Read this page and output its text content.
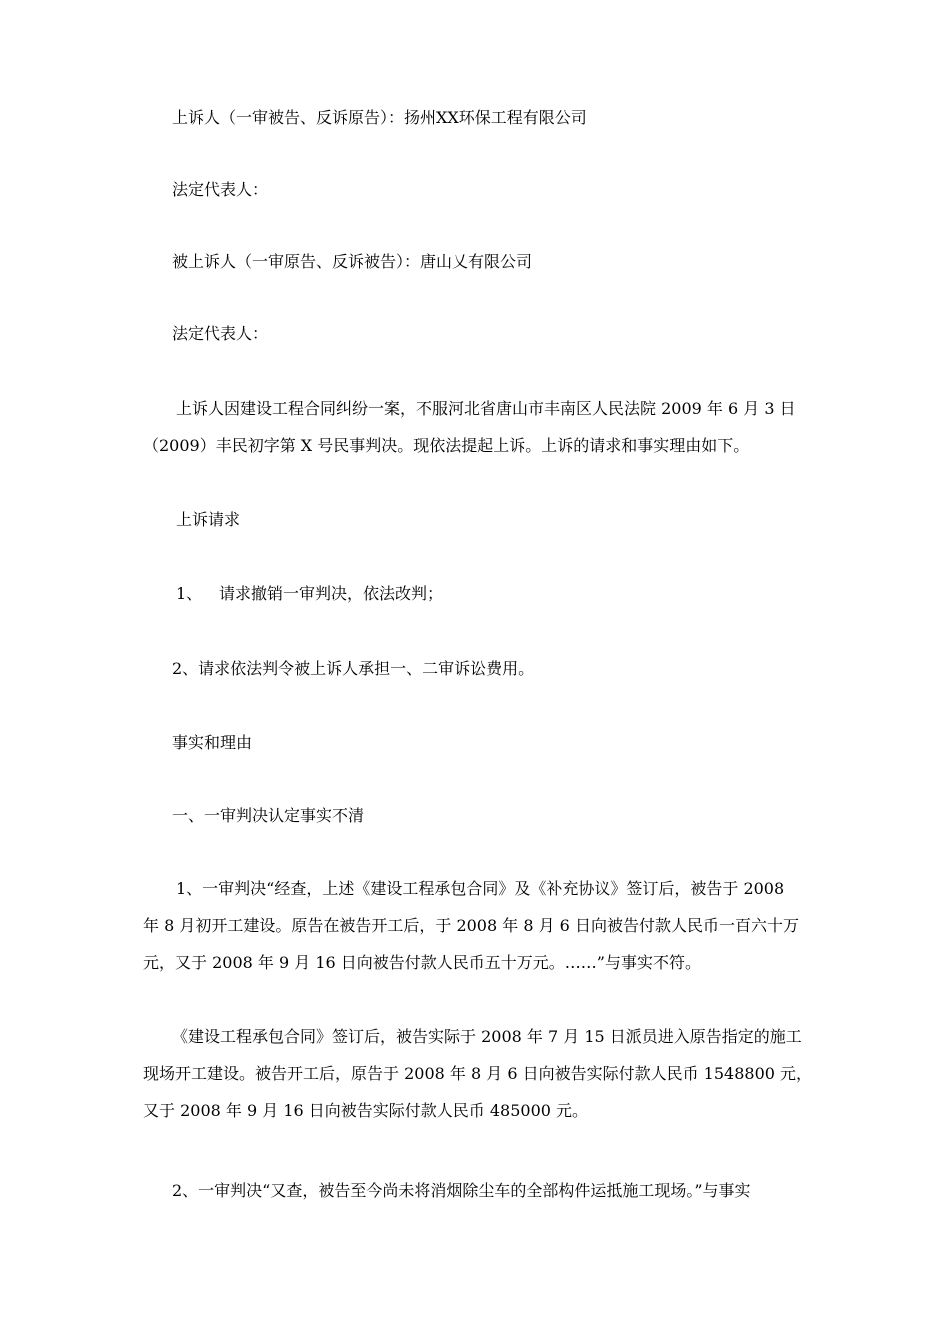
上诉人（一审被告、反诉原告）：扬州XX环保工程有限公司
法定代表人：
被上诉人（一审原告、反诉被告）：唐山乂有限公司
法定代表人：
上诉人因建设工程合同纠纷一案，不服河北省唐山市丰南区人民法院 2009 年 6 月 3 日
（2009）丰民初字第 X 号民事判决。现依法提起上诉。上诉的请求和事实理由如下。
上诉请求
1、 请求撤销一审判决，依法改判；
2、请求依法判令被上诉人承担一、二审诉讼费用。
事实和理由
一、一审判决认定事实不清
1、一审判决“经查，上述《建设工程承包合同》及《补充协议》签订后，被告于 2008
年 8 月初开工建设。原告在被告开工后，于 2008 年 8 月 6 日向被告付款人民币一百六十万
元，又于 2008 年 9 月 16 日向被告付款人民币五十万元。……”与事实不符。
《建设工程承包合同》签订后，被告实际于 2008 年 7 月 15 日派员进入原告指定的施工
现场开工建设。被告开工后，原告于 2008 年 8 月 6 日向被告实际付款人民币 1548800 元，
又于 2008 年 9 月 16 日向被告实际付款人民币 485000 元。
2、一审判决“又查，被告至今尚未将消烟除尘车的全部构件运抵施工现场。”与事实
